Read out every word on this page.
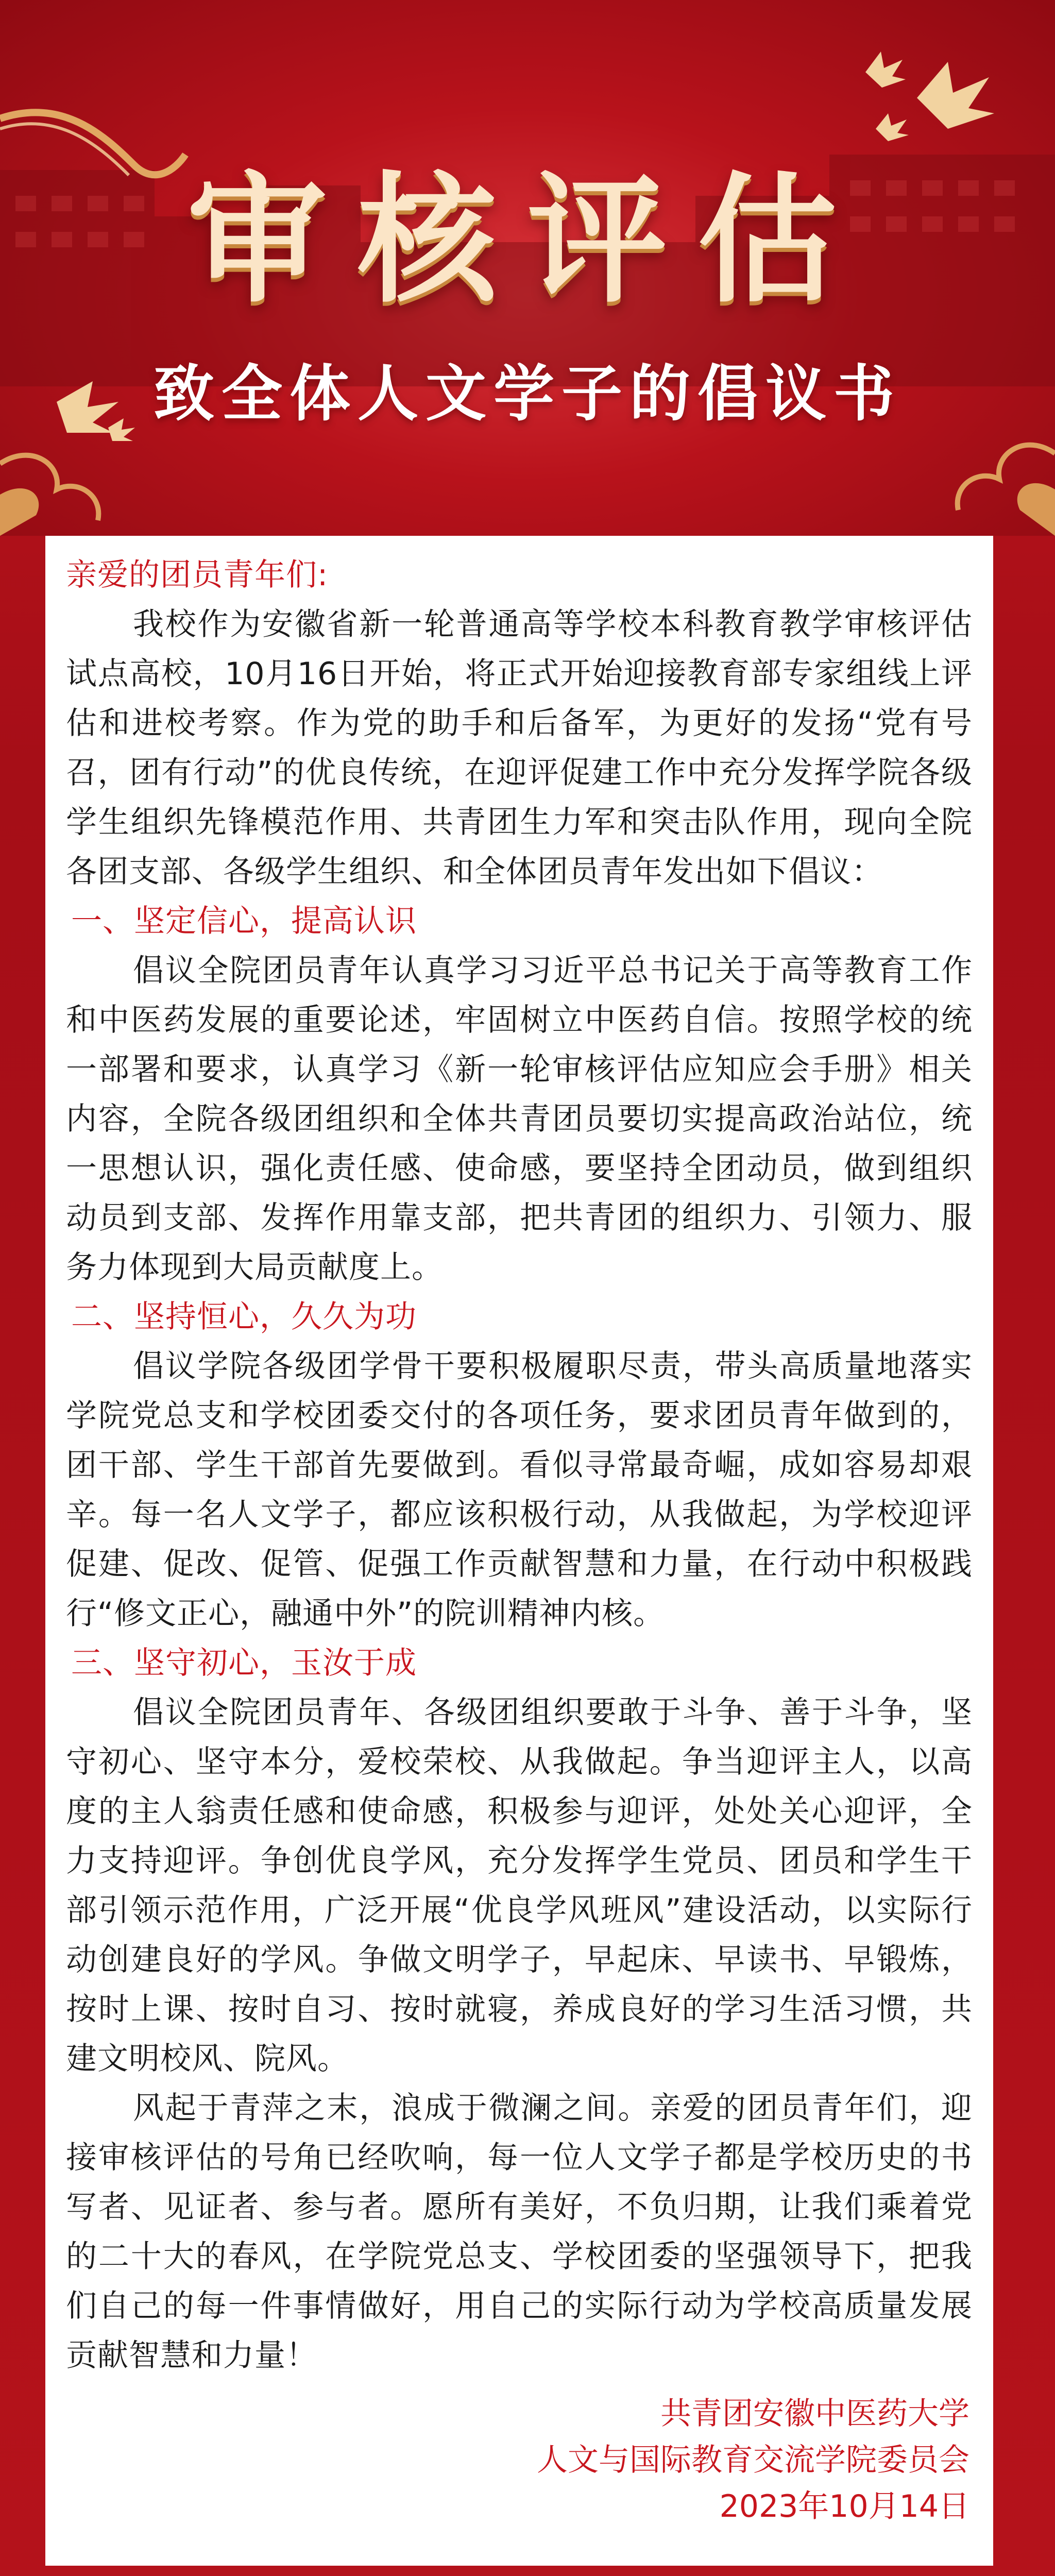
审核评估
致全体人文学子的倡议书

亲爱的团员青年们:

我校作为安徽省新一轮普通高等学校本科教育教学审核评估试点高校，10月16日开始，将正式开始迎接教育部专家组线上评估和进校考察。作为党的助手和后备军，为更好的发扬“党有号召，团有行动”的优良传统，在迎评促建工作中充分发挥学院各级学生组织先锋模范作用、共青团生力军和突击队作用，现向全院各团支部、各级学生组织、和全体团员青年发出如下倡议：

一、坚定信心，提高认识

倡议全院团员青年认真学习习近平总书记关于高等教育工作和中医药发展的重要论述，牢固树立中医药自信。按照学校的统一部署和要求，认真学习《新一轮审核评估应知应会手册》相关内容，全院各级团组织和全体共青团员要切实提高政治站位，统一思想认识，强化责任感、使命感，要坚持全团动员，做到组织动员到支部、发挥作用靠支部，把共青团的组织力、引领力、服务力体现到大局贡献度上。

二、坚持恒心，久久为功

倡议学院各级团学骨干要积极履职尽责，带头高质量地落实学院党总支和学校团委交付的各项任务，要求团员青年做到的，团干部、学生干部首先要做到。看似寻常最奇崛，成如容易却艰辛。每一名人文学子，都应该积极行动，从我做起，为学校迎评促建、促改、促管、促强工作贡献智慧和力量，在行动中积极践行“修文正心，融通中外”的院训精神内核。

三、坚守初心，玉汝于成

倡议全院团员青年、各级团组织要敢于斗争、善于斗争，坚守初心、坚守本分，爱校荣校、从我做起。争当迎评主人，以高度的主人翁责任感和使命感，积极参与迎评，处处关心迎评，全力支持迎评。争创优良学风，充分发挥学生党员、团员和学生干部引领示范作用，广泛开展“优良学风班风”建设活动，以实际行动创建良好的学风。争做文明学子，早起床、早读书、早锻炼，按时上课、按时自习、按时就寝，养成良好的学习生活习惯，共建文明校风、院风。

风起于青萍之末，浪成于微澜之间。亲爱的团员青年们，迎接审核评估的号角已经吹响，每一位人文学子都是学校历史的书写者、见证者、参与者。愿所有美好，不负归期，让我们乘着党的二十大的春风，在学院党总支、学校团委的坚强领导下，把我们自己的每一件事情做好，用自己的实际行动为学校高质量发展贡献智慧和力量！

共青团安徽中医药大学
人文与国际教育交流学院委员会
2023年10月14日
